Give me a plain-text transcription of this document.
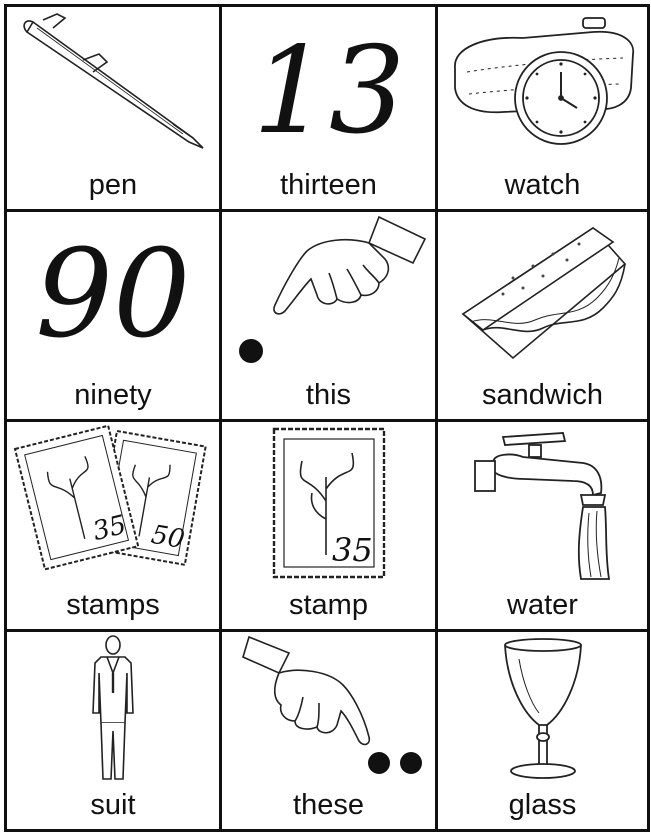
pen
13
thirteen	watch
90
ninety	this	sandwich
50
35
stamps
35
stamp	water
suit	these	glass
